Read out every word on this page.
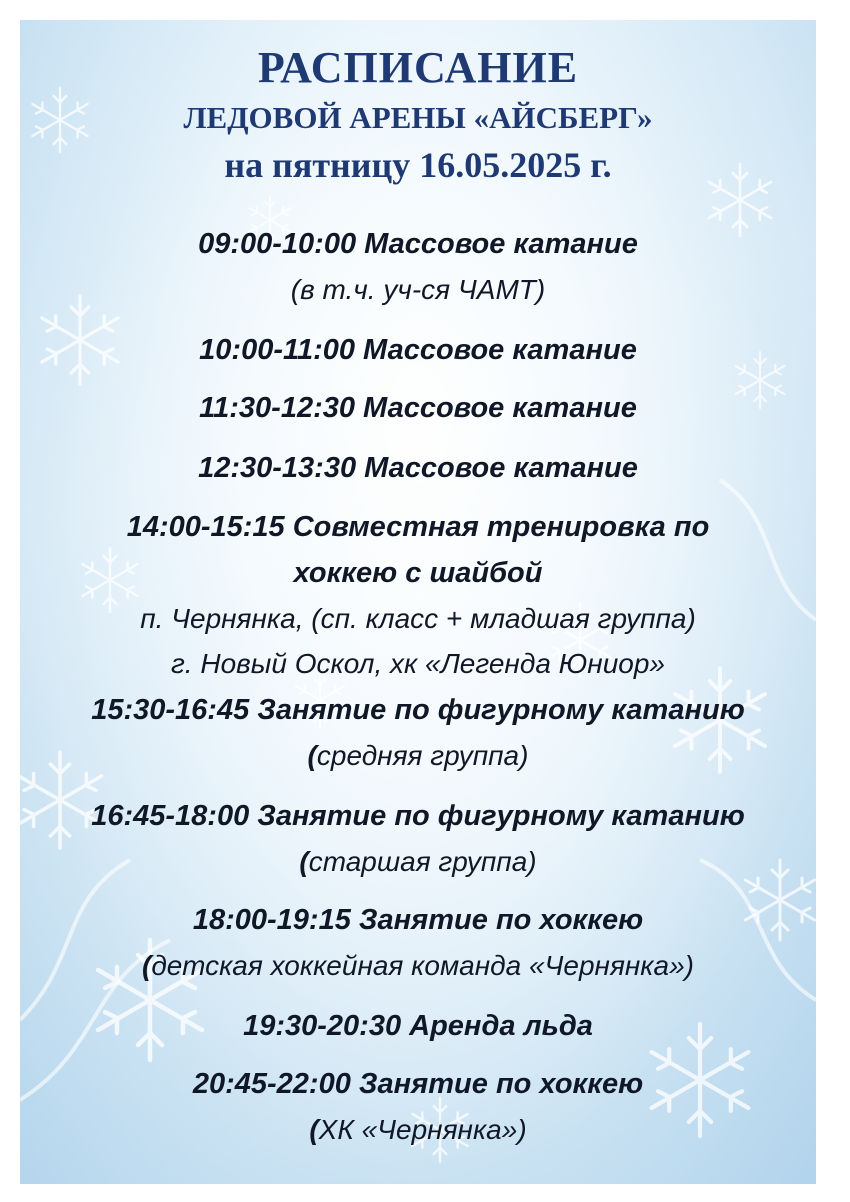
РАСПИСАНИЕ
ЛЕДОВОЙ АРЕНЫ «АЙСБЕРГ»
на пятницу 16.05.2025 г.
09:00-10:00 Массовое катание
(в т.ч. уч-ся ЧАМТ)
10:00-11:00 Массовое катание
11:30-12:30 Массовое катание
12:30-13:30 Массовое катание
14:00-15:15 Совместная тренировка по
хоккею с шайбой
п. Чернянка, (сп. класс + младшая группа)
г. Новый Оскол, хк «Легенда Юниор»
15:30-16:45 Занятие по фигурному катанию
(средняя группа)
16:45-18:00 Занятие по фигурному катанию
(старшая группа)
18:00-19:15 Занятие по хоккею
(детская хоккейная команда «Чернянка»)
19:30-20:30 Аренда льда
20:45-22:00 Занятие по хоккею
(ХК «Чернянка»)
